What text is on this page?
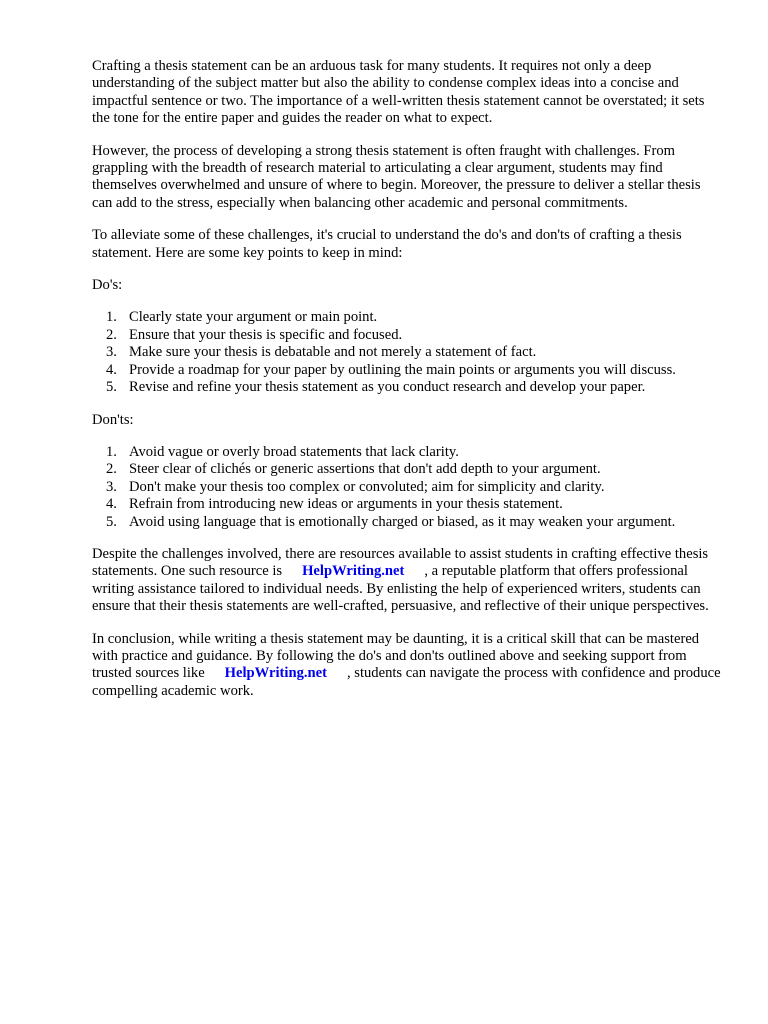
Crafting a thesis statement can be an arduous task for many students. It requires not only a deep understanding of the subject matter but also the ability to condense complex ideas into a concise and impactful sentence or two. The importance of a well-written thesis statement cannot be overstated; it sets the tone for the entire paper and guides the reader on what to expect.

However, the process of developing a strong thesis statement is often fraught with challenges. From grappling with the breadth of research material to articulating a clear argument, students may find themselves overwhelmed and unsure of where to begin. Moreover, the pressure to deliver a stellar thesis can add to the stress, especially when balancing other academic and personal commitments.

To alleviate some of these challenges, it's crucial to understand the do's and don'ts of crafting a thesis statement. Here are some key points to keep in mind:

Do's:

1. Clearly state your argument or main point.
2. Ensure that your thesis is specific and focused.
3. Make sure your thesis is debatable and not merely a statement of fact.
4. Provide a roadmap for your paper by outlining the main points or arguments you will discuss.
5. Revise and refine your thesis statement as you conduct research and develop your paper.

Don'ts:

1. Avoid vague or overly broad statements that lack clarity.
2. Steer clear of clichés or generic assertions that don't add depth to your argument.
3. Don't make your thesis too complex or convoluted; aim for simplicity and clarity.
4. Refrain from introducing new ideas or arguments in your thesis statement.
5. Avoid using language that is emotionally charged or biased, as it may weaken your argument.

Despite the challenges involved, there are resources available to assist students in crafting effective thesis statements. One such resource is HelpWriting.net , a reputable platform that offers professional writing assistance tailored to individual needs. By enlisting the help of experienced writers, students can ensure that their thesis statements are well-crafted, persuasive, and reflective of their unique perspectives.

In conclusion, while writing a thesis statement may be daunting, it is a critical skill that can be mastered with practice and guidance. By following the do's and don'ts outlined above and seeking support from trusted sources like HelpWriting.net , students can navigate the process with confidence and produce compelling academic work.
